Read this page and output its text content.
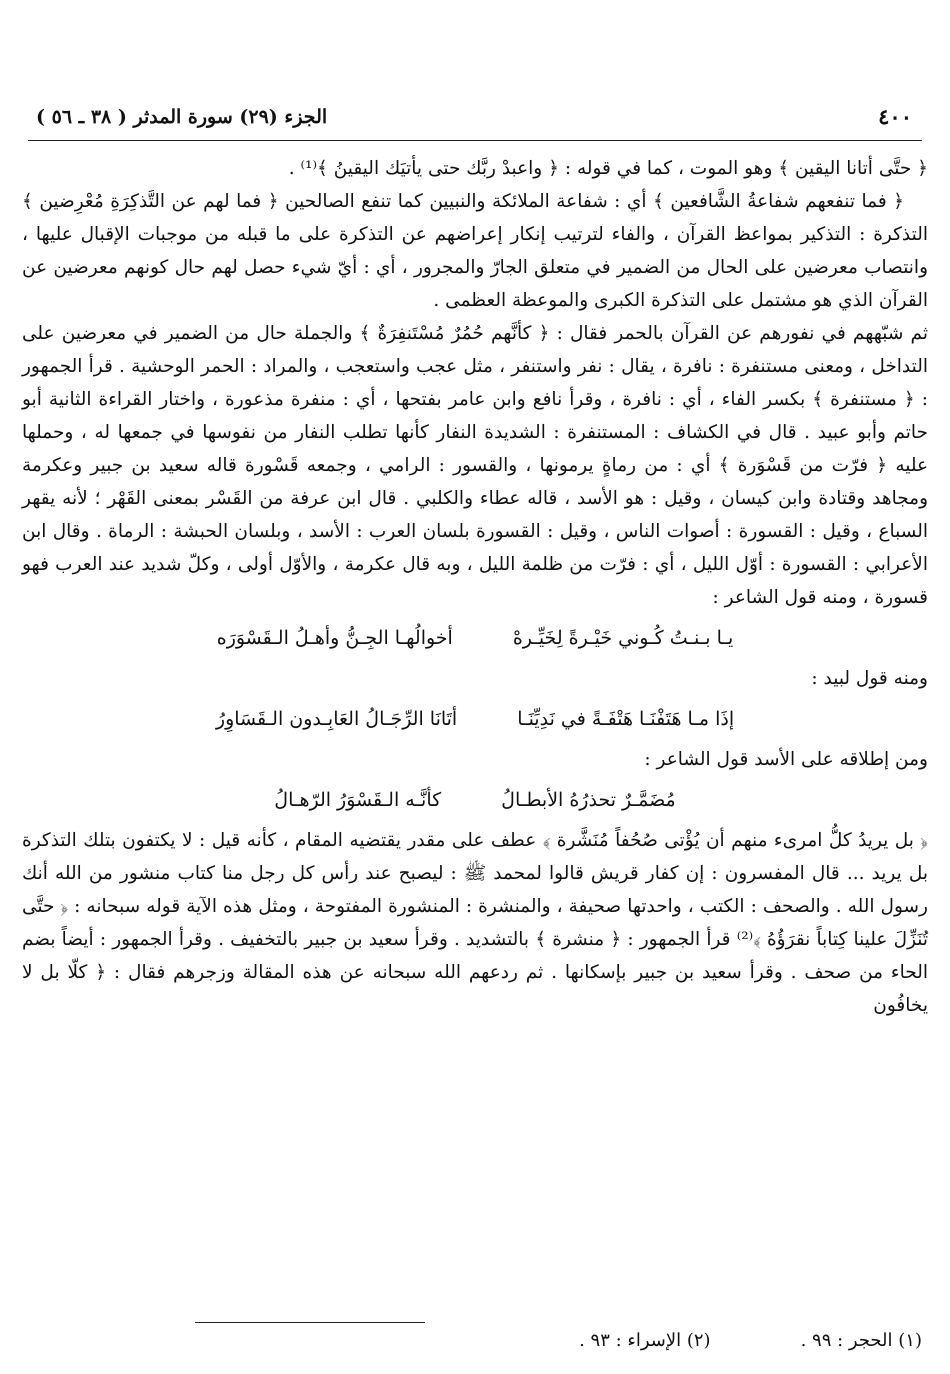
٤٠٠
الجزء (٢٩) سورة المدثر ( ٣٨ ـ ٥٦ )

﴿ حتَّى أتانا اليقين ﴾ وهو الموت ، كما في قوله : ﴿ واعبدْ ربَّك حتى يأتيَك اليقينُ ﴾⁽¹⁾ .

﴿ فما تنفعهم شفاعةُ الشَّافعين ﴾ أي : شفاعة الملائكة والنبيين كما تنفع الصالحين ﴿ فما لهم عن التَّذكِرَةِ مُعْرِضين ﴾ التذكرة : التذكير بمواعظ القرآن ، والفاء لترتيب إنكار إعراضهم عن التذكرة على ما قبله من موجبات الإقبال عليها ، وانتصاب معرضين على الحال من الضمير في متعلق الجارّ والمجرور ، أي : أيّ شيء حصل لهم حال كونهم معرضين عن القرآن الذي هو مشتمل على التذكرة الكبرى والموعظة العظمى .

ثم شبّههم في نفورهم عن القرآن بالحمر فقال : ﴿ كأنَّهم حُمُرٌ مُسْتَنفِرَةٌ ﴾ والجملة حال من الضمير في معرضين على التداخل ، ومعنى مستنفرة : نافرة ، يقال : نفر واستنفر ، مثل عجب واستعجب ، والمراد : الحمر الوحشية . قرأ الجمهور : ﴿ مستنفرة ﴾ بكسر الفاء ، أي : نافرة ، وقرأ نافع وابن عامر بفتحها ، أي : منفرة مذعورة ، واختار القراءة الثانية أبو حاتم وأبو عبيد . قال في الكشاف : المستنفرة : الشديدة النفار كأنها تطلب النفار من نفوسها في جمعها له ، وحملها عليه ﴿ فرّت من قَسْوَرة ﴾ أي : من رماةٍ يرمونها ، والقسور : الرامي ، وجمعه قَسْورة قاله سعيد بن جبير وعكرمة ومجاهد وقتادة وابن كيسان ، وقيل : هو الأسد ، قاله عطاء والكلبي . قال ابن عرفة من القَسْر بمعنى القَهْر ؛ لأنه يقهر السباع ، وقيل : القسورة : أصوات الناس ، وقيل : القسورة بلسان العرب : الأسد ، وبلسان الحبشة : الرماة . وقال ابن الأعرابي : القسورة : أوّل الليل ، أي : فرّت من ظلمة الليل ، وبه قال عكرمة ، والأوّل أولى ، وكلّ شديد عند العرب فهو قسورة ، ومنه قول الشاعر :

يـا بـنـتُ كُـوني خَيْـرةً لِخَيِّـرهْ
أخوالُهـا الجِـنُّ وأهـلُ الـقَسْوَرَه

ومنه قول لبيد :

إذَا مـا هَتَفْنَـا هَتْفَـةً في نَدِيِّنَـا
أتَانَا الرِّجَـالُ العَابِـدون الـقَسَاوِرُ

ومن إطلاقه على الأسد قول الشاعر :

مُضَمَّـرٌ تحذرُهُ الأبطـالُ
كأنَّـه الـقَسْوَرُ الرّهـالُ

﴿ بل يريدُ كلُّ امرىء منهم أن يُؤْتى صُحُفاً مُنَشَّرة ﴾ عطف على مقدر يقتضيه المقام ، كأنه قيل : لا يكتفون بتلك التذكرة بل يريد ... قال المفسرون : إن كفار قريش قالوا لمحمد ﷺ : ليصبح عند رأس كل رجل منا كتاب منشور من الله أنك رسول الله . والصحف : الكتب ، واحدتها صحيفة ، والمنشرة : المنشورة المفتوحة ، ومثل هذه الآية قوله سبحانه : ﴿ حتَّى تُنَزِّلَ علينا كِتاباً نقرَؤُهُ ﴾⁽²⁾ قرأ الجمهور : ﴿ منشرة ﴾ بالتشديد . وقرأ سعيد بن جبير بالتخفيف . وقرأ الجمهور : أيضاً بضم الحاء من صحف . وقرأ سعيد بن جبير بإسكانها . ثم ردعهم الله سبحانه عن هذه المقالة وزجرهم فقال : ﴿ كلّا بل لا يخافُون

(١) الحجر : ٩٩ .
(٢) الإسراء : ٩٣ .
